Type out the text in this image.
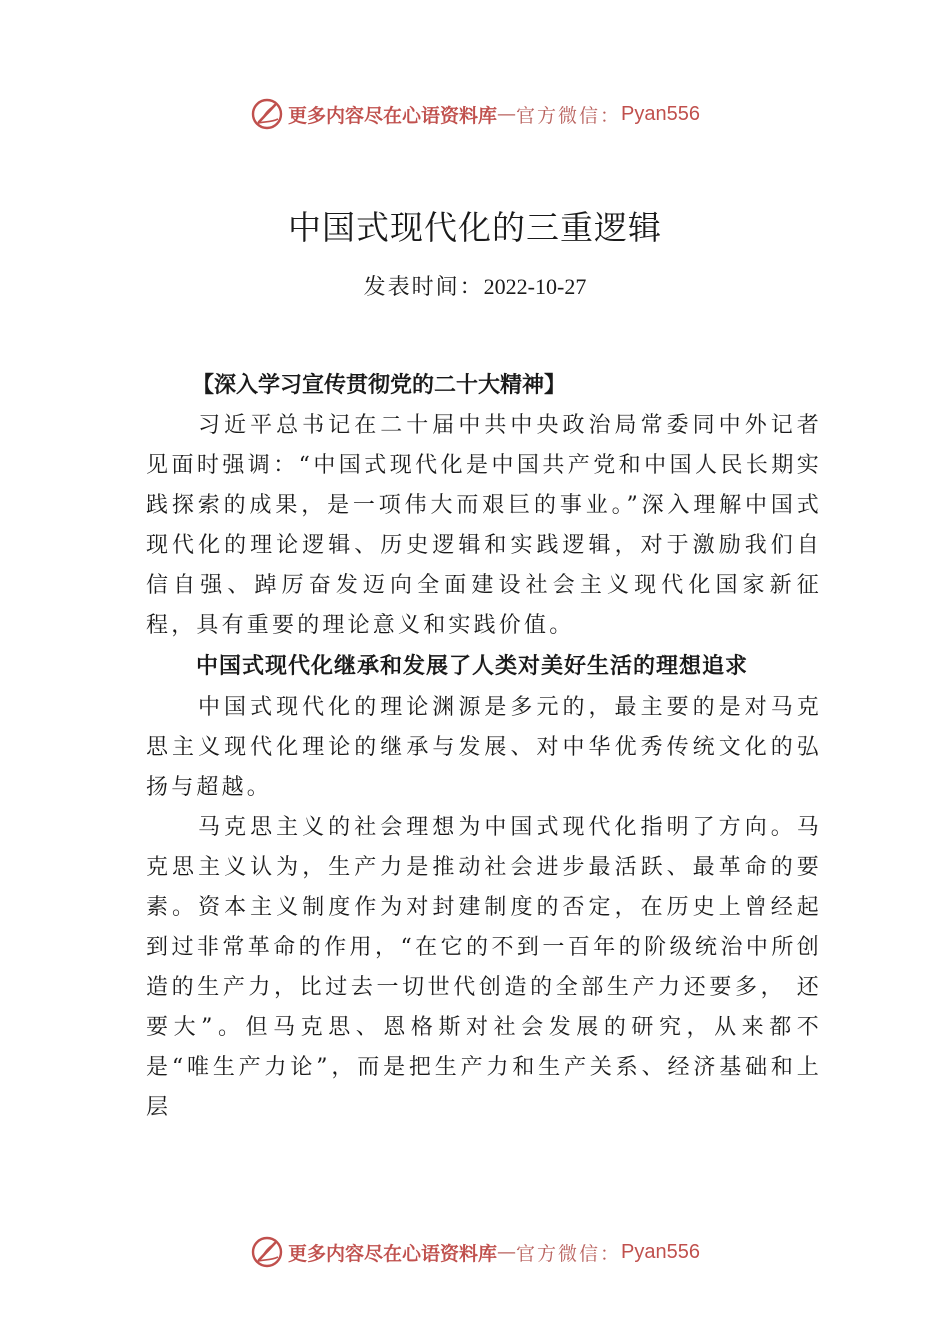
更多内容尽在心语资料库 — 官方微信： Pyan556
中国式现代化的三重逻辑
发表时间：2022-10-27

【深入学习宣传贯彻党的二十大精神】

习近平总书记在二十届中共中央政治局常委同中外记者见面时强调：“中国式现代化是中国共产党和中国人民长期实践探索的成果，是一项伟大而艰巨的事业。”深入理解中国式现代化的理论逻辑、历史逻辑和实践逻辑，对于激励我们自信自强、踔厉奋发迈向全面建设社会主义现代化国家新征程，具有重要的理论意义和实践价值。

中国式现代化继承和发展了人类对美好生活的理想追求

中国式现代化的理论渊源是多元的，最主要的是对马克思主义现代化理论的继承与发展、对中华优秀传统文化的弘扬与超越。

马克思主义的社会理想为中国式现代化指明了方向。马克思主义认为，生产力是推动社会进步最活跃、最革命的要素。资本主义制度作为对封建制度的否定，在历史上曾经起到过非常革命的作用，“在它的不到一百年的阶级统治中所创造的生产力，比过去一切世代创造的全部生产力还要多， 还要大”。但马克思、恩格斯对社会发展的研究，从来都不是“唯生产力论”，而是把生产力和生产关系、经济基础和上层

更多内容尽在心语资料库 — 官方微信： Pyan556
